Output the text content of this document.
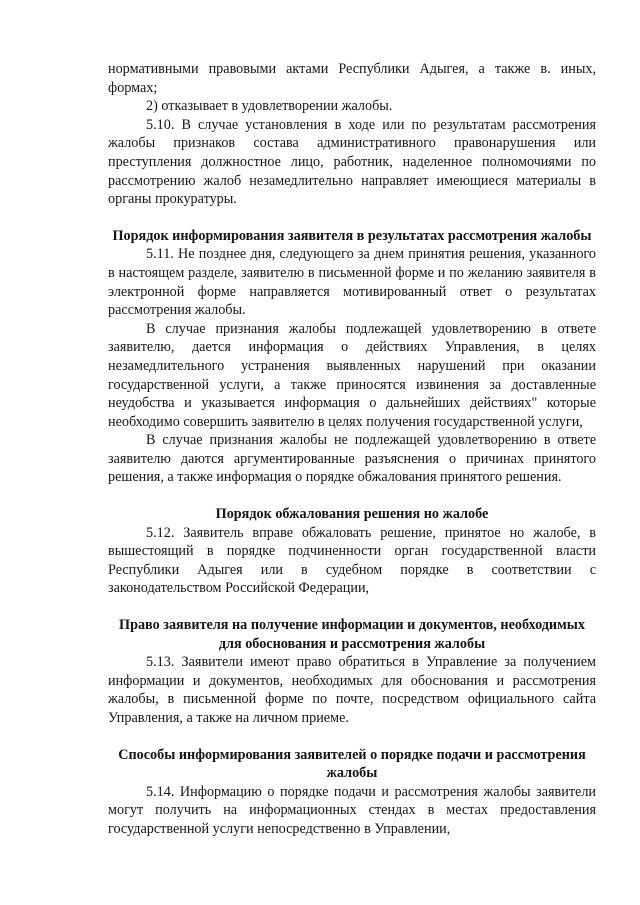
нормативными правовыми актами Республики Адыгея, а также в. иных, формах;

2) отказывает в удовлетворении жалобы.

5.10. В случае установления в ходе или по результатам рассмотрения жалобы признаков состава административного правонарушения или преступления должностное лицо, работник, наделенное полномочиями по рассмотрению жалоб незамедлительно направляет имеющиеся материалы в органы прокуратуры.

Порядок информирования заявителя в результатах рассмотрения жалобы

5.11. Не позднее дня, следующего за днем принятия решения, указанного в настоящем разделе, заявителю в письменной форме и по желанию заявителя в электронной форме направляется мотивированный ответ о результатах рассмотрения жалобы.

В случае признания жалобы подлежащей удовлетворению в ответе заявителю, дается информация о действиях Управления, в целях незамедлительного устранения выявленных нарушений при оказании государственной услуги, а также приносятся извинения за доставленные неудобства и указывается информация о дальнейших действиях" которые необходимо совершить заявителю в целях получения государственной услуги,

В случае признания жалобы не подлежащей удовлетворению в ответе заявителю даются аргументированные разъяснения о причинах принятого решения, а также информация о порядке обжалования принятого решения.

Порядок обжалования решения но жалобе

5.12. Заявитель вправе обжаловать решение, принятое но жалобе, в вышестоящий в порядке подчиненности орган государственной власти Республики Адыгея или в судебном порядке в соответствии с законодательством Российской Федерации,

Право заявителя на получение информации и документов, необходимых для обоснования и рассмотрения жалобы

5.13. Заявители имеют право обратиться в Управление за получением информации и документов, необходимых для обоснования и рассмотрения жалобы, в письменной форме по почте, посредством официального сайта Управления, а также на личном приеме.

Способы информирования заявителей о порядке подачи и рассмотрения жалобы

5.14. Информацию о порядке подачи и рассмотрения жалобы заявители могут получить на информационных стендах в местах предоставления государственной услуги непосредственно в Управлении,
